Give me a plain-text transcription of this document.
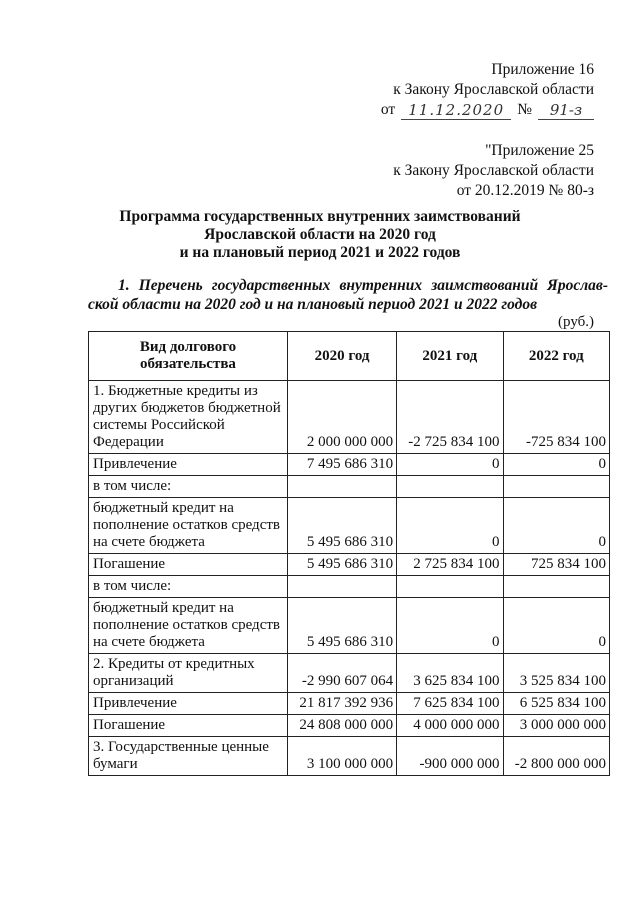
Приложение 16
к Закону Ярославской области
от 11.12.2020 №	91-з
"Приложение 25
к Закону Ярославской области
от 20.12.2019 № 80-з
Программа государственных внутренних заимствований
Ярославской области на 2020 год
и на плановый период 2021 и 2022 годов
1. Перечень государственных внутренних заимствований Ярослав-
ской области на 2020 год и на плановый период 2021 и 2022 годов
(руб.)
Вид долгового обязательства	2020 год	2021 год	2022 год
1. Бюджетные кредиты из других бюджетов бюджетной системы Российской Федерации	2 000 000 000	-2 725 834 100	-725 834 100
Привлечение	7 495 686 310	0	0
в том числе:			
бюджетный кредит на пополнение остатков средств на счете бюджета	5 495 686 310	0	0
Погашение	5 495 686 310	2 725 834 100	725 834 100
в том числе:			
бюджетный кредит на пополнение остатков средств на счете бюджета	5 495 686 310	0	0
2. Кредиты от кредитных организаций	-2 990 607 064	3 625 834 100	3 525 834 100
Привлечение	21 817 392 936	7 625 834 100	6 525 834 100
Погашение	24 808 000 000	4 000 000 000	3 000 000 000
3. Государственные ценные бумаги	3 100 000 000	-900 000 000	-2 800 000 000
